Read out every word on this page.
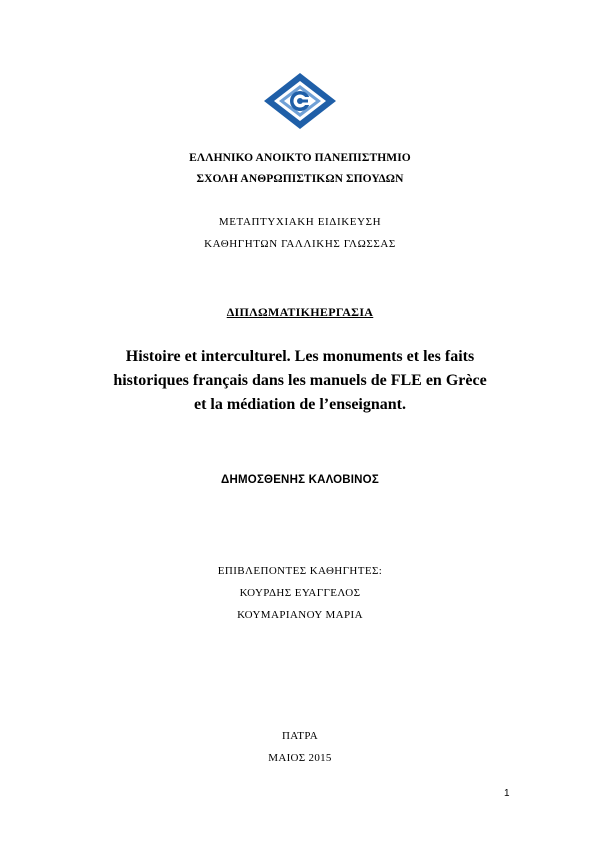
ΕΛΛΗΝΙΚΟ ΑΝΟΙΚΤΟ ΠΑΝΕΠΙΣΤΗΜΙΟ
ΣΧΟΛΗ ΑΝΘΡΩΠΙΣΤΙΚΩΝ ΣΠΟΥΔΩΝ
ΜΕΤΑΠΤΥΧΙΑΚΗ ΕΙΔΙΚΕΥΣΗ
ΚΑΘΗΓΗΤΩΝ ΓΑΛΛΙΚΗΣ ΓΛΩΣΣΑΣ
ΔΙΠΛΩΜΑΤΙΚΗΕΡΓΑΣΙΑ
Histoire et interculturel. Les monuments et les faits
historiques français dans les manuels de FLE en Grèce
et la médiation de l’enseignant.
ΔΗΜΟΣΘΕΝΗΣ ΚΑΛΟΒΙΝΟΣ
ΕΠΙΒΛΕΠΟΝΤΕΣ ΚΑΘΗΓΗΤΕΣ:
ΚΟΥΡΔΗΣ ΕΥΑΓΓΕΛΟΣ
ΚΟΥΜΑΡΙΑΝΟΥ ΜΑΡΙΑ
ΠΑΤΡΑ
ΜΑΙΟΣ 2015
1
